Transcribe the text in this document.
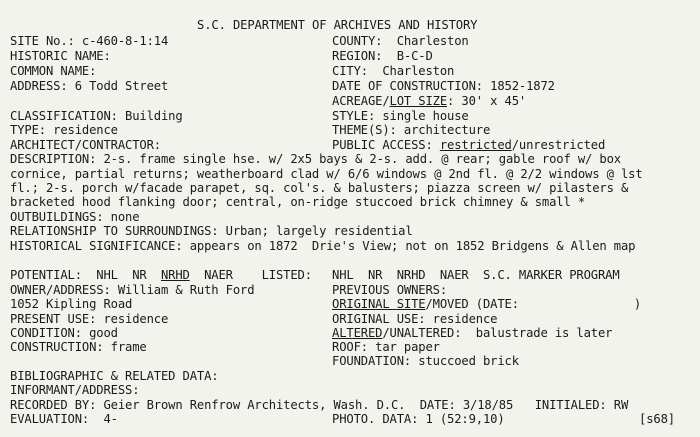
S.C. DEPARTMENT OF ARCHIVES AND HISTORY
SITE No.: c-460-8-1:14	COUNTY:  Charleston
HISTORIC NAME:	REGION:  B-C-D
COMMON NAME:	CITY:  Charleston
ADDRESS: 6 Todd Street	DATE OF CONSTRUCTION: 1852-1872
ACREAGE/LOT SIZE: 30' x 45'
CLASSIFICATION: Building	STYLE: single house
TYPE: residence	THEME(S): architecture
ARCHITECT/CONTRACTOR:	PUBLIC ACCESS: restricted/unrestricted
DESCRIPTION: 2-s. frame single hse. w/ 2x5 bays & 2-s. add. @ rear; gable roof w/ box
cornice, partial returns; weatherboard clad w/ 6/6 windows @ 2nd fl. @ 2/2 windows @ lst
fl.; 2-s. porch w/facade parapet, sq. col's. & balusters; piazza screen w/ pilasters &
bracketed hood flanking door; central, on-ridge stuccoed brick chimney & small *
OUTBUILDINGS: none
RELATIONSHIP TO SURROUNDINGS: Urban; largely residential
HISTORICAL SIGNIFICANCE: appears on 1872  Drie's View; not on 1852 Bridgens & Allen map
POTENTIAL:  NHL  NR  NRHD  NAER    LISTED: NHL  NR  NRHD  NAER  S.C. MARKER PROGRAM
OWNER/ADDRESS: William & Ruth Ford	PREVIOUS OWNERS:
1052 Kipling Road	ORIGINAL SITE/MOVED (DATE:                )
PRESENT USE: residence	ORIGINAL USE: residence
CONDITION: good	ALTERED/UNALTERED:  balustrade is later
CONSTRUCTION: frame	ROOF: tar paper
FOUNDATION: stuccoed brick
BIBLIOGRAPHIC & RELATED DATA:
INFORMANT/ADDRESS:
RECORDED BY: Geier Brown Renfrow Architects, Wash. D.C.  DATE: 3/18/85   INITIALED: RW
EVALUATION:  4-	PHOTO. DATA: 1 (52:9,10)	[s68]
